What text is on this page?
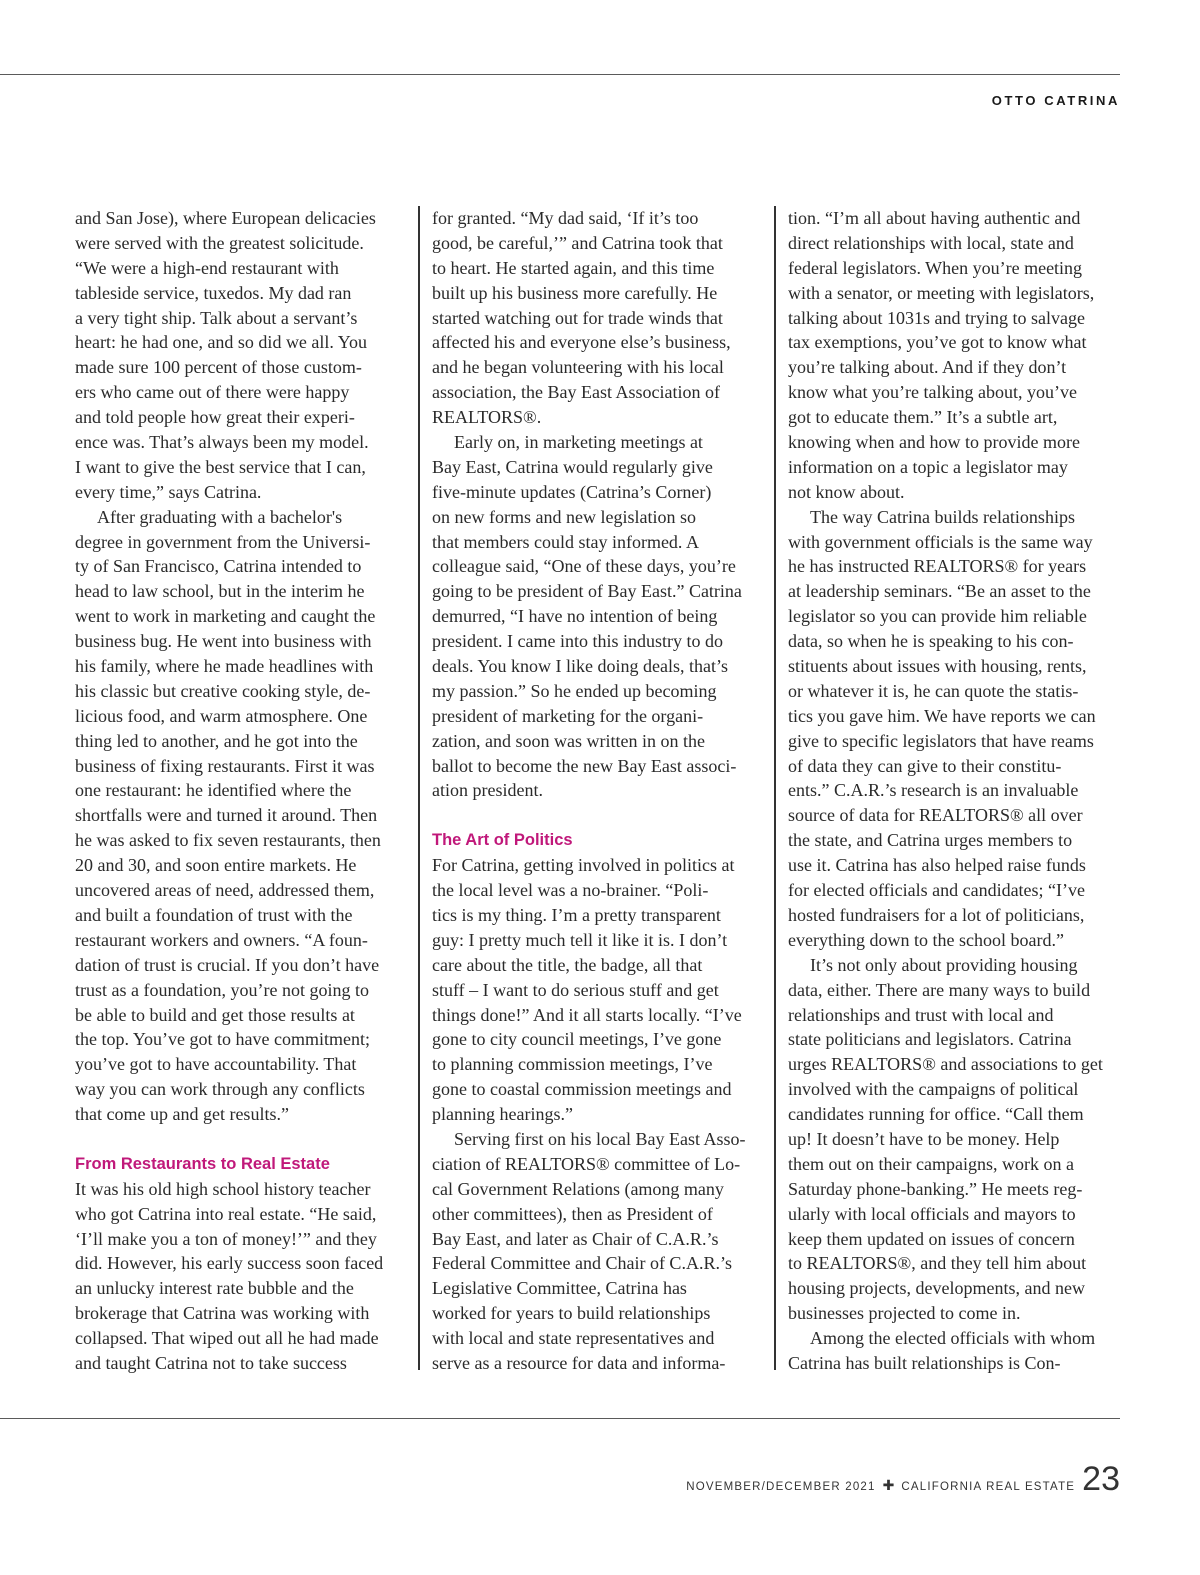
OTTO CATRINA
and San Jose), where European delicacies
were served with the greatest solicitude.
“We were a high-end restaurant with
tableside service, tuxedos. My dad ran
a very tight ship. Talk about a servant’s
heart: he had one, and so did we all. You
made sure 100 percent of those custom-
ers who came out of there were happy
and told people how great their experi-
ence was. That’s always been my model.
I want to give the best service that I can,
every time,” says Catrina.
After graduating with a bachelor's
degree in government from the Universi-
ty of San Francisco, Catrina intended to
head to law school, but in the interim he
went to work in marketing and caught the
business bug. He went into business with
his family, where he made headlines with
his classic but creative cooking style, de-
licious food, and warm atmosphere. One
thing led to another, and he got into the
business of fixing restaurants. First it was
one restaurant: he identified where the
shortfalls were and turned it around. Then
he was asked to fix seven restaurants, then
20 and 30, and soon entire markets. He
uncovered areas of need, addressed them,
and built a foundation of trust with the
restaurant workers and owners. “A foun-
dation of trust is crucial. If you don’t have
trust as a foundation, you’re not going to
be able to build and get those results at
the top. You’ve got to have commitment;
you’ve got to have accountability. That
way you can work through any conflicts
that come up and get results.”
From Restaurants to Real Estate
It was his old high school history teacher
who got Catrina into real estate. “He said,
‘I’ll make you a ton of money!’” and they
did. However, his early success soon faced
an unlucky interest rate bubble and the
brokerage that Catrina was working with
collapsed. That wiped out all he had made
and taught Catrina not to take success
for granted. “My dad said, ‘If it’s too
good, be careful,’” and Catrina took that
to heart. He started again, and this time
built up his business more carefully. He
started watching out for trade winds that
affected his and everyone else’s business,
and he began volunteering with his local
association, the Bay East Association of
REALTORS®.
Early on, in marketing meetings at
Bay East, Catrina would regularly give
five-minute updates (Catrina’s Corner)
on new forms and new legislation so
that members could stay informed. A
colleague said, “One of these days, you’re
going to be president of Bay East.” Catrina
demurred, “I have no intention of being
president. I came into this industry to do
deals. You know I like doing deals, that’s
my passion.” So he ended up becoming
president of marketing for the organi-
zation, and soon was written in on the
ballot to become the new Bay East associ-
ation president.
The Art of Politics
For Catrina, getting involved in politics at
the local level was a no-brainer. “Poli-
tics is my thing. I’m a pretty transparent
guy: I pretty much tell it like it is. I don’t
care about the title, the badge, all that
stuff – I want to do serious stuff and get
things done!” And it all starts locally. “I’ve
gone to city council meetings, I’ve gone
to planning commission meetings, I’ve
gone to coastal commission meetings and
planning hearings.”
Serving first on his local Bay East Asso-
ciation of REALTORS® committee of Lo-
cal Government Relations (among many
other committees), then as President of
Bay East, and later as Chair of C.A.R.’s
Federal Committee and Chair of C.A.R.’s
Legislative Committee, Catrina has
worked for years to build relationships
with local and state representatives and
serve as a resource for data and informa-
tion. “I’m all about having authentic and
direct relationships with local, state and
federal legislators. When you’re meeting
with a senator, or meeting with legislators,
talking about 1031s and trying to salvage
tax exemptions, you’ve got to know what
you’re talking about. And if they don’t
know what you’re talking about, you’ve
got to educate them.” It’s a subtle art,
knowing when and how to provide more
information on a topic a legislator may
not know about.
The way Catrina builds relationships
with government officials is the same way
he has instructed REALTORS® for years
at leadership seminars. “Be an asset to the
legislator so you can provide him reliable
data, so when he is speaking to his con-
stituents about issues with housing, rents,
or whatever it is, he can quote the statis-
tics you gave him. We have reports we can
give to specific legislators that have reams
of data they can give to their constitu-
ents.” C.A.R.’s research is an invaluable
source of data for REALTORS® all over
the state, and Catrina urges members to
use it. Catrina has also helped raise funds
for elected officials and candidates; “I’ve
hosted fundraisers for a lot of politicians,
everything down to the school board.”
It’s not only about providing housing
data, either. There are many ways to build
relationships and trust with local and
state politicians and legislators. Catrina
urges REALTORS® and associations to get
involved with the campaigns of political
candidates running for office. “Call them
up! It doesn’t have to be money. Help
them out on their campaigns, work on a
Saturday phone-banking.” He meets reg-
ularly with local officials and mayors to
keep them updated on issues of concern
to REALTORS®, and they tell him about
housing projects, developments, and new
businesses projected to come in.
Among the elected officials with whom
Catrina has built relationships is Con-
NOVEMBER/DECEMBER 2021 ✚ CALIFORNIA REAL ESTATE 23
